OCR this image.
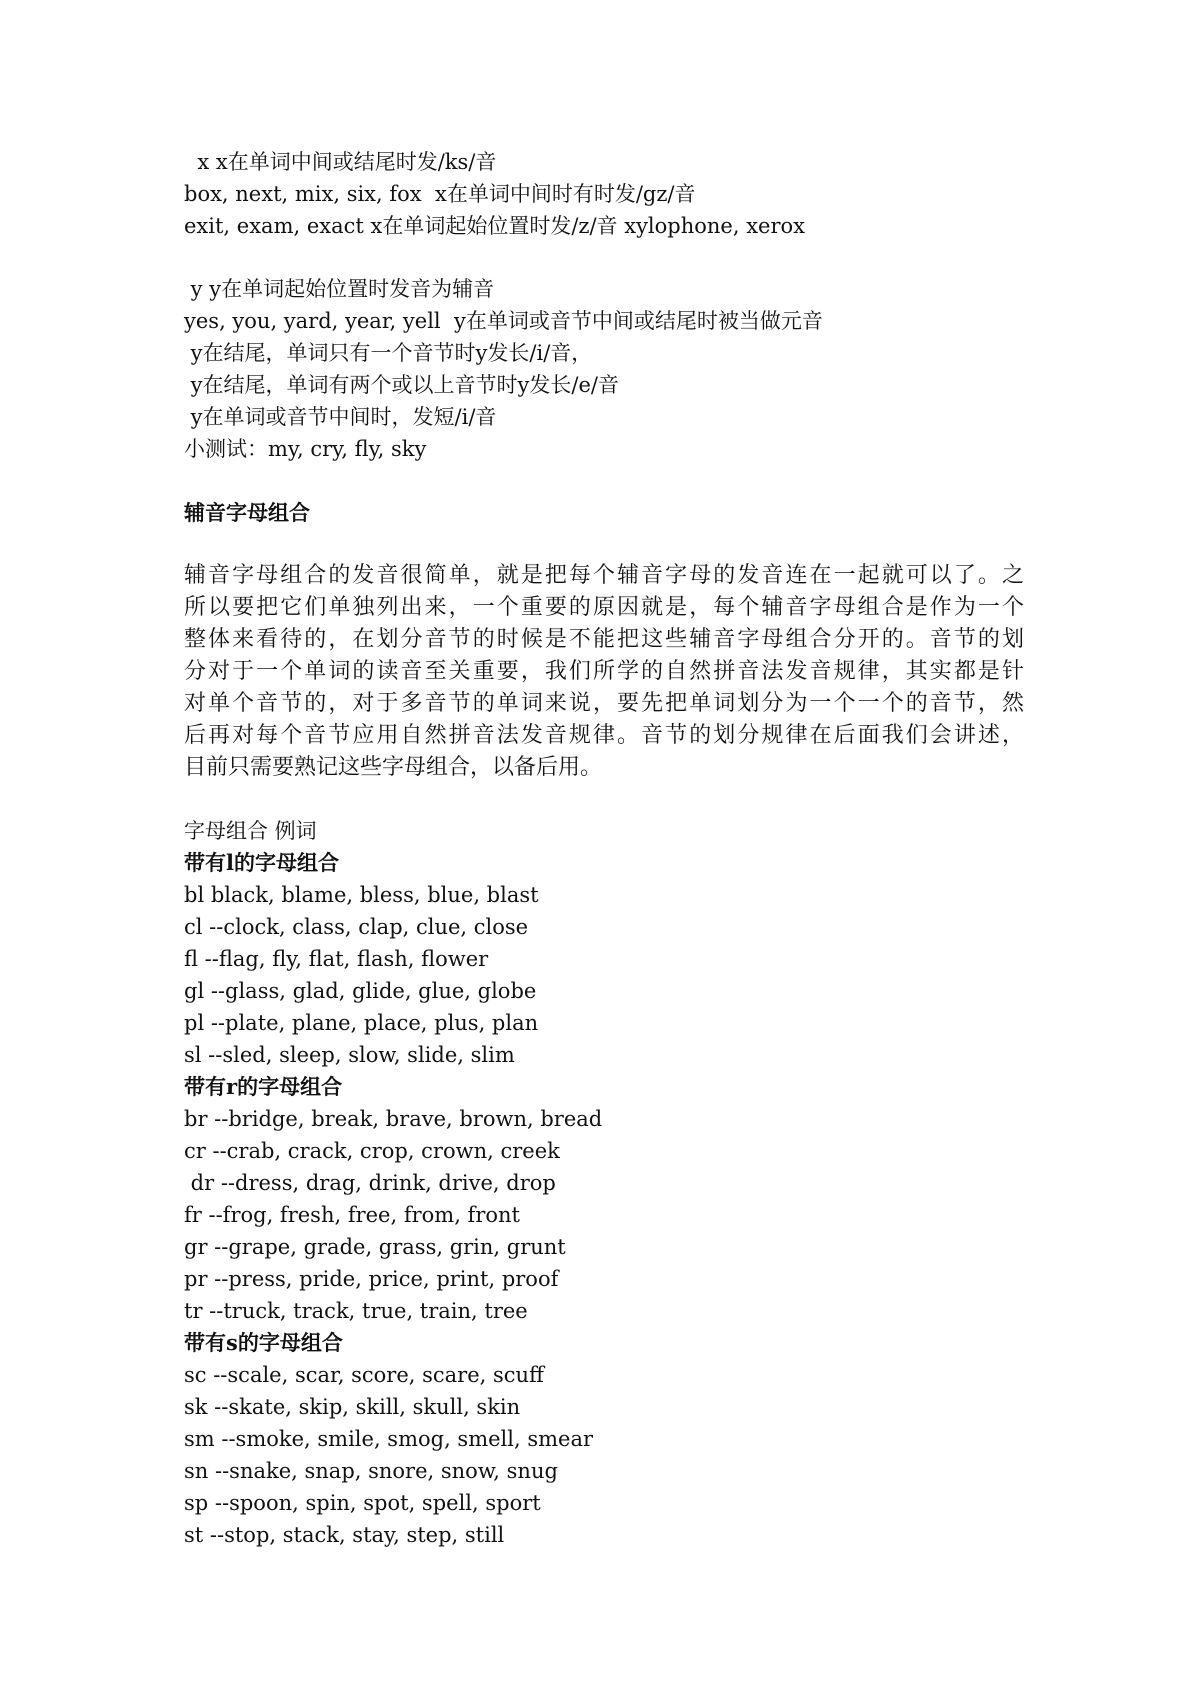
x x在单词中间或结尾时发/ks/音
box, next, mix, six, fox  x在单词中间时有时发/gz/音
exit, exam, exact x在单词起始位置时发/z/音 xylophone, xerox
y y在单词起始位置时发音为辅音
yes, you, yard, year, yell  y在单词或音节中间或结尾时被当做元音
y在结尾，单词只有一个音节时y发长/i/音，
y在结尾，单词有两个或以上音节时y发长/e/音
y在单词或音节中间时，发短/i/音
小测试：my, cry, fly, sky
辅音字母组合
辅音字母组合的发音很简单，就是把每个辅音字母的发音连在一起就可以了。之
所以要把它们单独列出来，一个重要的原因就是，每个辅音字母组合是作为一个
整体来看待的，在划分音节的时候是不能把这些辅音字母组合分开的。音节的划
分对于一个单词的读音至关重要，我们所学的自然拼音法发音规律，其实都是针
对单个音节的，对于多音节的单词来说，要先把单词划分为一个一个的音节，然
后再对每个音节应用自然拼音法发音规律。音节的划分规律在后面我们会讲述，
目前只需要熟记这些字母组合，以备后用。
字母组合 例词
带有l的字母组合
bl black, blame, bless, blue, blast
cl --clock, class, clap, clue, close
fl --flag, fly, flat, flash, flower
gl --glass, glad, glide, glue, globe
pl --plate, plane, place, plus, plan
sl --sled, sleep, slow, slide, slim
带有r的字母组合
br --bridge, break, brave, brown, bread
cr --crab, crack, crop, crown, creek
dr --dress, drag, drink, drive, drop
fr --frog, fresh, free, from, front
gr --grape, grade, grass, grin, grunt
pr --press, pride, price, print, proof
tr --truck, track, true, train, tree
带有s的字母组合
sc --scale, scar, score, scare, scuff
sk --skate, skip, skill, skull, skin
sm --smoke, smile, smog, smell, smear
sn --snake, snap, snore, snow, snug
sp --spoon, spin, spot, spell, sport
st --stop, stack, stay, step, still
